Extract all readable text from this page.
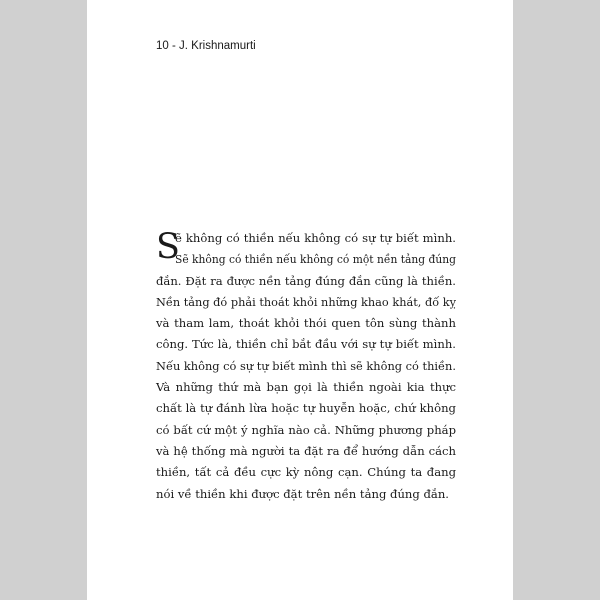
10 - J. Krishnamurti
S
ẽ không có thiền nếu không có sự tự biết mình.
Sẽ không có thiền nếu không có một nền tảng đúng
đắn. Đặt ra được nền tảng đúng đắn cũng là thiền.
Nền tảng đó phải thoát khỏi những khao khát, đố kỵ
và tham lam, thoát khỏi thói quen tôn sùng thành
công. Tức là, thiền chỉ bắt đầu với sự tự biết mình.
Nếu không có sự tự biết mình thì sẽ không có thiền.
Và những thứ mà bạn gọi là thiền ngoài kia thực
chất là tự đánh lừa hoặc tự huyễn hoặc, chứ không
có bất cứ một ý nghĩa nào cả. Những phương pháp
và hệ thống mà người ta đặt ra để hướng dẫn cách
thiền, tất cả đều cực kỳ nông cạn. Chúng ta đang
nói về thiền khi được đặt trên nền tảng đúng đắn.
